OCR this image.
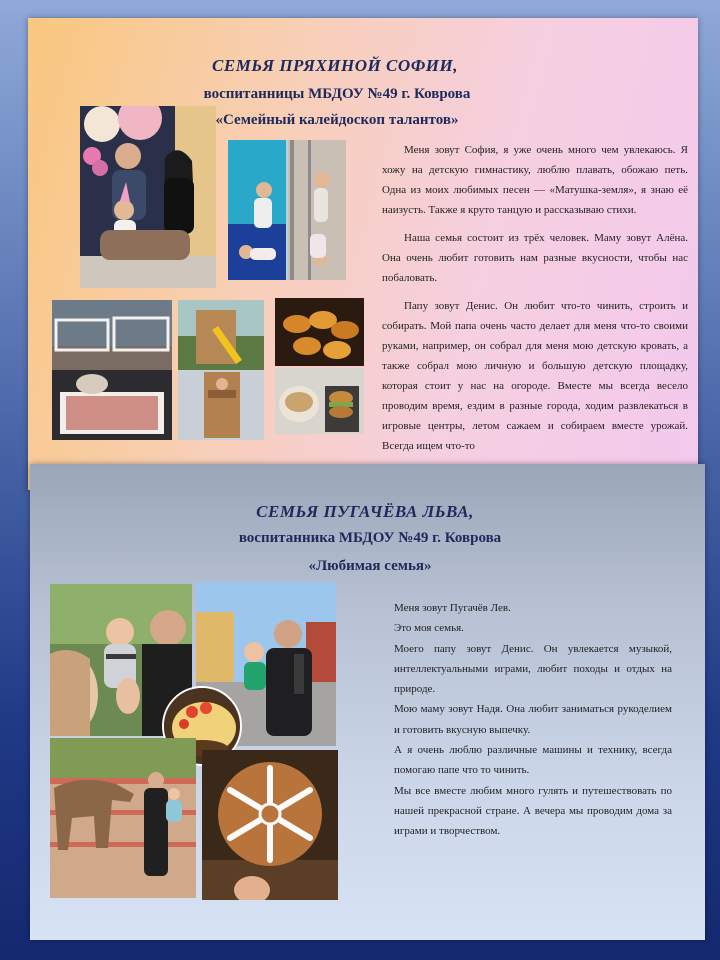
СЕМЬЯ ПРЯХИНОЙ СОФИИ,
воспитанницы МБДОУ №49 г. Коврова
«Семейный калейдоскоп талантов»

Меня зовут София, я уже очень много чем увлекаюсь. Я хожу на детскую гимнастику, люблю плавать, обожаю петь. Одна из моих любимых песен — «Матушка-земля», я знаю её наизусть. Также я круто танцую и рассказываю стихи.

Наша семья состоит из трёх человек. Маму зовут Алёна. Она очень любит готовить нам разные вкусности, чтобы нас побаловать.

Папу зовут Денис. Он любит что-то чинить, строить и собирать. Мой папа очень часто делает для меня что-то своими руками, например, он собрал для меня мою детскую кровать, а также собрал мою личную и большую детскую площадку, которая стоит у нас на огороде. Вместе мы всегда весело проводим время, ездим в разные города, ходим развлекаться в игровые центры, летом сажаем и собираем вместе урожай. Всегда ищем что-то

СЕМЬЯ ПУГАЧЁВА ЛЬВА,
воспитанника МБДОУ №49 г. Коврова
«Любимая семья»

Меня зовут Пугачёв Лев.

Это моя семья.

Моего папу зовут Денис. Он увлекается музыкой, интеллектуальными играми, любит походы и отдых на природе.

Мою маму зовут Надя. Она любит заниматься рукоделием и готовить вкусную выпечку.

А я очень люблю различные машины и технику, всегда помогаю папе что то чинить.

Мы все вместе любим много гулять и путешествовать по нашей прекрасной стране. А вечера мы проводим дома за играми и творчеством.
